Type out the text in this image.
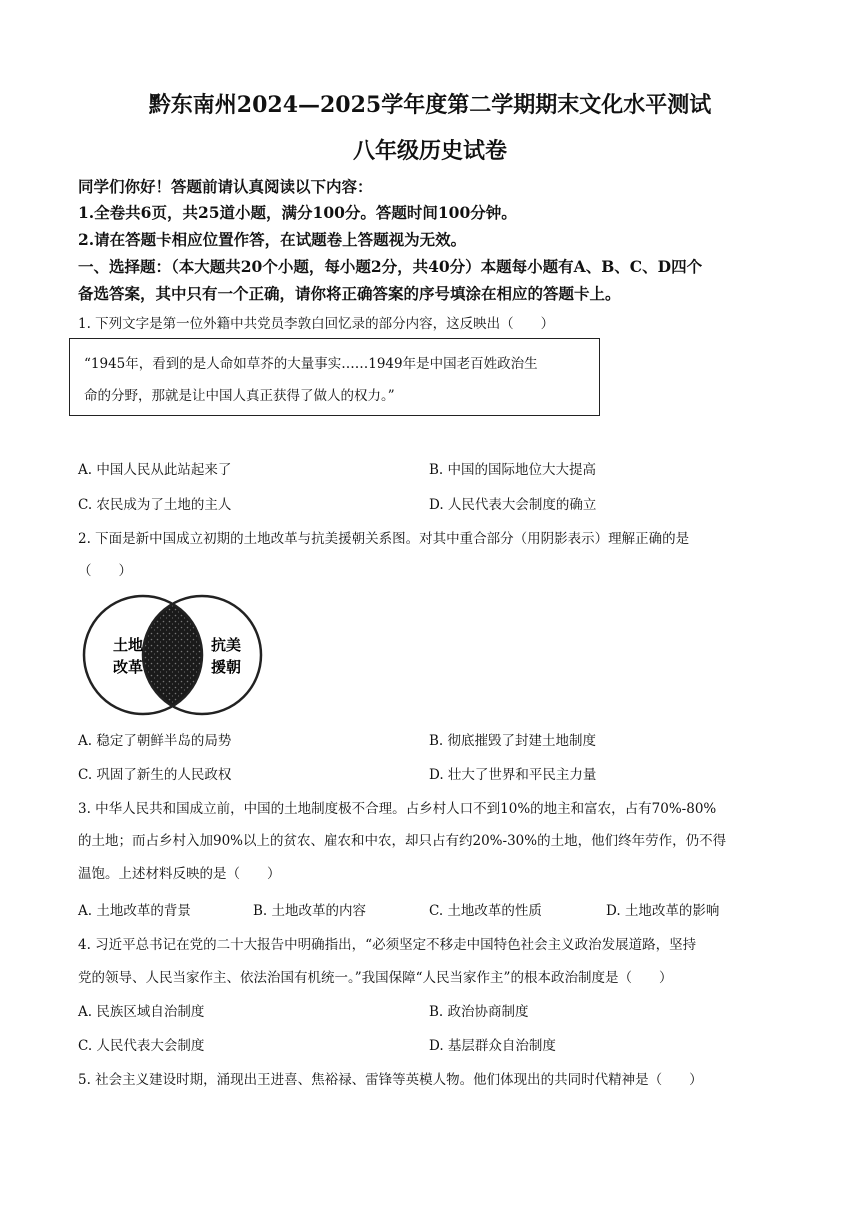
黔东南州2024—2025学年度第二学期期末文化水平测试
八年级历史试卷
同学们你好！答题前请认真阅读以下内容：
1.全卷共6页，共25道小题，满分100分。答题时间100分钟。
2.请在答题卡相应位置作答，在试题卷上答题视为无效。
一、选择题：（本大题共20个小题，每小题2分，共40分）本题每小题有A、B、C、D四个
备选答案，其中只有一个正确，请你将正确答案的序号填涂在相应的答题卡上。
1. 下列文字是第一位外籍中共党员李敦白回忆录的部分内容，这反映出（　　）
“1945年，看到的是人命如草芥的大量事实……1949年是中国老百姓政治生
命的分野，那就是让中国人真正获得了做人的权力。”
A. 中国人民从此站起来了	B. 中国的国际地位大大提高
C. 农民成为了土地的主人	D. 人民代表大会制度的确立
2. 下面是新中国成立初期的土地改革与抗美援朝关系图。对其中重合部分（用阴影表示）理解正确的是
（　　）
土地
改革
抗美
援朝
A. 稳定了朝鲜半岛的局势	B. 彻底摧毁了封建土地制度
C. 巩固了新生的人民政权	D. 壮大了世界和平民主力量
3. 中华人民共和国成立前，中国的土地制度极不合理。占乡村人口不到10%的地主和富农，占有70%-80%
的土地；而占乡村入加90%以上的贫农、雇农和中农，却只占有约20%-30%的土地，他们终年劳作，仍不得
温饱。上述材料反映的是（　　）
A. 土地改革的背景	B. 土地改革的内容	C. 土地改革的性质	D. 土地改革的影响
4. 习近平总书记在党的二十大报告中明确指出，“必须坚定不移走中国特色社会主义政治发展道路，坚持
党的领导、人民当家作主、依法治国有机统一。”我国保障“人民当家作主”的根本政治制度是（　　）
A. 民族区域自治制度	B. 政治协商制度
C. 人民代表大会制度	D. 基层群众自治制度
5. 社会主义建设时期，涌现出王进喜、焦裕禄、雷锋等英模人物。他们体现出的共同时代精神是（　　）
